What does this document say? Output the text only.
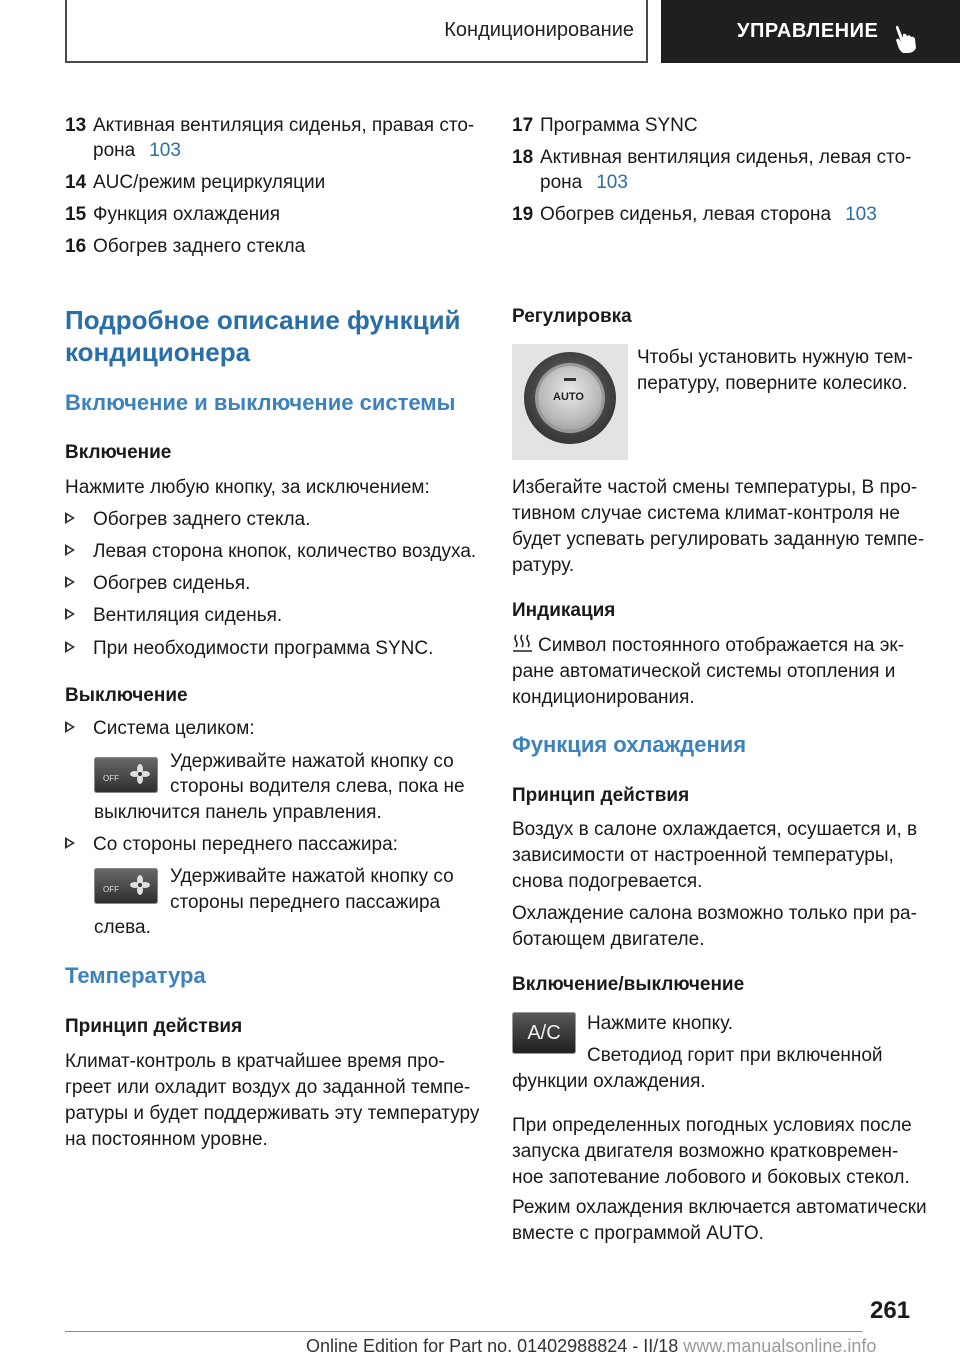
Кондиционирование	УПРАВЛЕНИЕ
13 Активная вентиляция сиденья, правая сто-
рона 103
14 AUC/режим рециркуляции
15 Функция охлаждения
16 Обогрев заднего стекла
17 Программа SYNC
18 Активная вентиляция сиденья, левая сто-
рона 103
19 Обогрев сиденья, левая сторона 103
Подробное описание функций
кондиционера
Включение и выключение системы
Включение

Нажмите любую кнопку, за исключением:

Обогрев заднего стекла.
Левая сторона кнопок, количество воздуха.
Обогрев сиденья.
Вентиляция сиденья.
При необходимости программа SYNC.
Выключение
Система целиком:
OFF

Удерживайте нажатой кнопку со

стороны водителя слева, пока не

выключится панель управления.

Со стороны переднего пассажира:
OFF

Удерживайте нажатой кнопку со

стороны переднего пассажира

слева.

Температура
Принцип действия

Климат-контроль в кратчайшее время про-

греет или охладит воздух до заданной темпе-

ратуры и будет поддерживать эту температуру

на постоянном уровне.

Регулировка
AUTO

Чтобы установить нужную тем-

пературу, поверните колесико.

Избегайте частой смены температуры, В про-

тивном случае система климат-контроля не

будет успевать регулировать заданную темпе-

ратуру.

Индикация

Символ постоянного отображается на эк-

ране автоматической системы отопления и

кондиционирования.

Функция охлаждения
Принцип действия

Воздух в салоне охлаждается, осушается и, в

зависимости от настроенной температуры,

снова подогревается.

Охлаждение салона возможно только при ра-

ботающем двигателе.

Включение/выключение
A/C	Нажмите кнопку.

Светодиод горит при включенной

функции охлаждения.

При определенных погодных условиях после

запуска двигателя возможно кратковремен-

ное запотевание лобового и боковых стекол.

Режим охлаждения включается автоматически

вместе с программой AUTO.

261
Online Edition for Part no. 01402988824 - II/18 www.manualsonline.info
